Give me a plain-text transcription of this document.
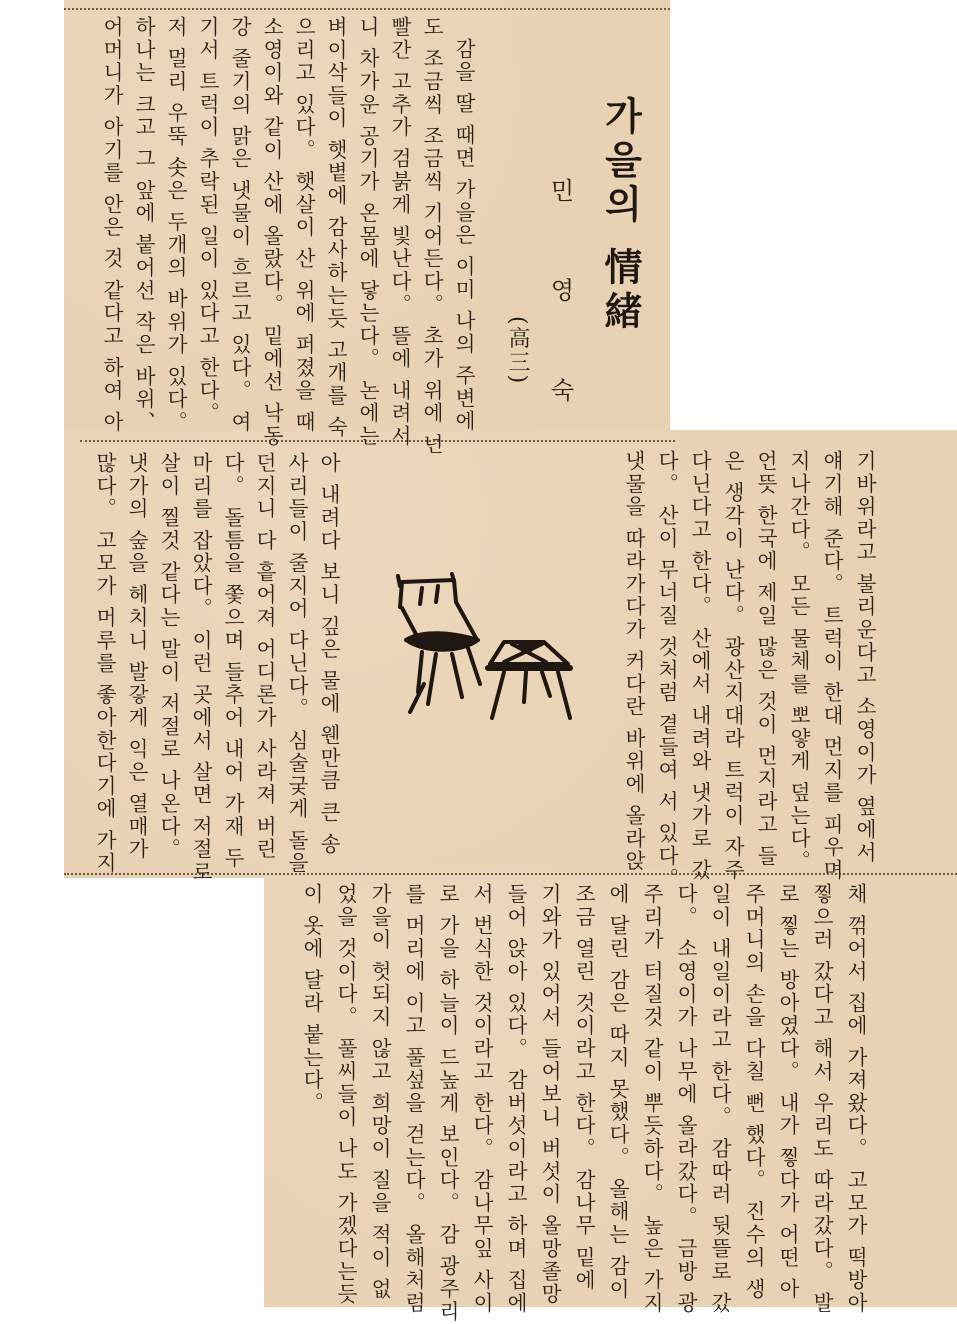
가을의 情緒
민 영 숙
(高三)
감을 딸 때면 가을은 이미 나의 주변에
도 조금씩 조금씩 기어든다。 초가 위에 넌
빨간 고추가 검붉게 빛난다。 뜰에 내려서
니 차가운 공기가 온몸에 닿는다。 논에는
벼이삭들이 햇볕에 감사하는듯 고개를 숙
으리고 있다。 햇살이 산 위에 퍼졌을 때
소영이와 같이 산에 올랐다。 밑에선 낙동
강 줄기의 맑은 냇물이 흐르고 있다。 여
기서 트럭이 추락된 일이 있다고 한다。
저 멀리 우뚝 솟은 두개의 바위가 있다。
하나는 크고 그 앞에 붙어선 작은 바위、
어머니가 아기를 안은 것 같다고 하여 아
기바위라고 불리운다고 소영이가 옆에서
얘기해 준다。 트럭이 한대 먼지를 피우며
지나간다。 모든 물체를 뽀얗게 덮는다。
언뜻 한국에 제일 많은 것이 먼지라고 들
은 생각이 난다。 광산지대라 트럭이 자주
다닌다고 한다。 산에서 내려와 냇가로 갔
다。 산이 무너질 것처럼 곁들여 서 있다。
냇물을 따라가다가 커다란 바위에 올라앉
아 내려다 보니 깊은 물에 웬만큼 큰 송
사리들이 줄지어 다닌다。 심술궂게 돌을
던지니 다 흩어져 어디론가 사라져 버린
다。 돌틈을 쫓으며 들추어 내어 가재 두
마리를 잡았다。 이런 곳에서 살면 저절로
살이 찔것 같다는 말이 저절로 나온다。
냇가의 숲을 헤치니 발갛게 익은 열매가
많다。 고모가 머루를 좋아한다기에 가지
채 꺾어서 집에 가져왔다。 고모가 떡방아
찧으러 갔다고 해서 우리도 따라갔다。 발
로 찧는 방아였다。 내가 찧다가 어떤 아
주머니의 손을 다칠 뻔 했다。 진수의 생
일이 내일이라고 한다。 감따러 뒷뜰로 갔
다。 소영이가 나무에 올라갔다。 금방 광
주리가 터질것 같이 뿌듯하다。 높은 가지
에 달린 감은 따지 못했다。 올해는 감이
조금 열린 것이라고 한다。 감나무 밑에
기와가 있어서 들어보니 버섯이 올망졸망
들어 앉아 있다。 감버섯이라고 하며 집에
서 번식한 것이라고 한다。 감나무잎 사이
로 가을 하늘이 드높게 보인다。 감 광주리
를 머리에 이고 풀섶을 걷는다。 올해처럼
가을이 헛되지 않고 희망이 질을 적이 없
었을 것이다。 풀씨들이 나도 가겠다는듯
이 옷에 달라 붙는다。
